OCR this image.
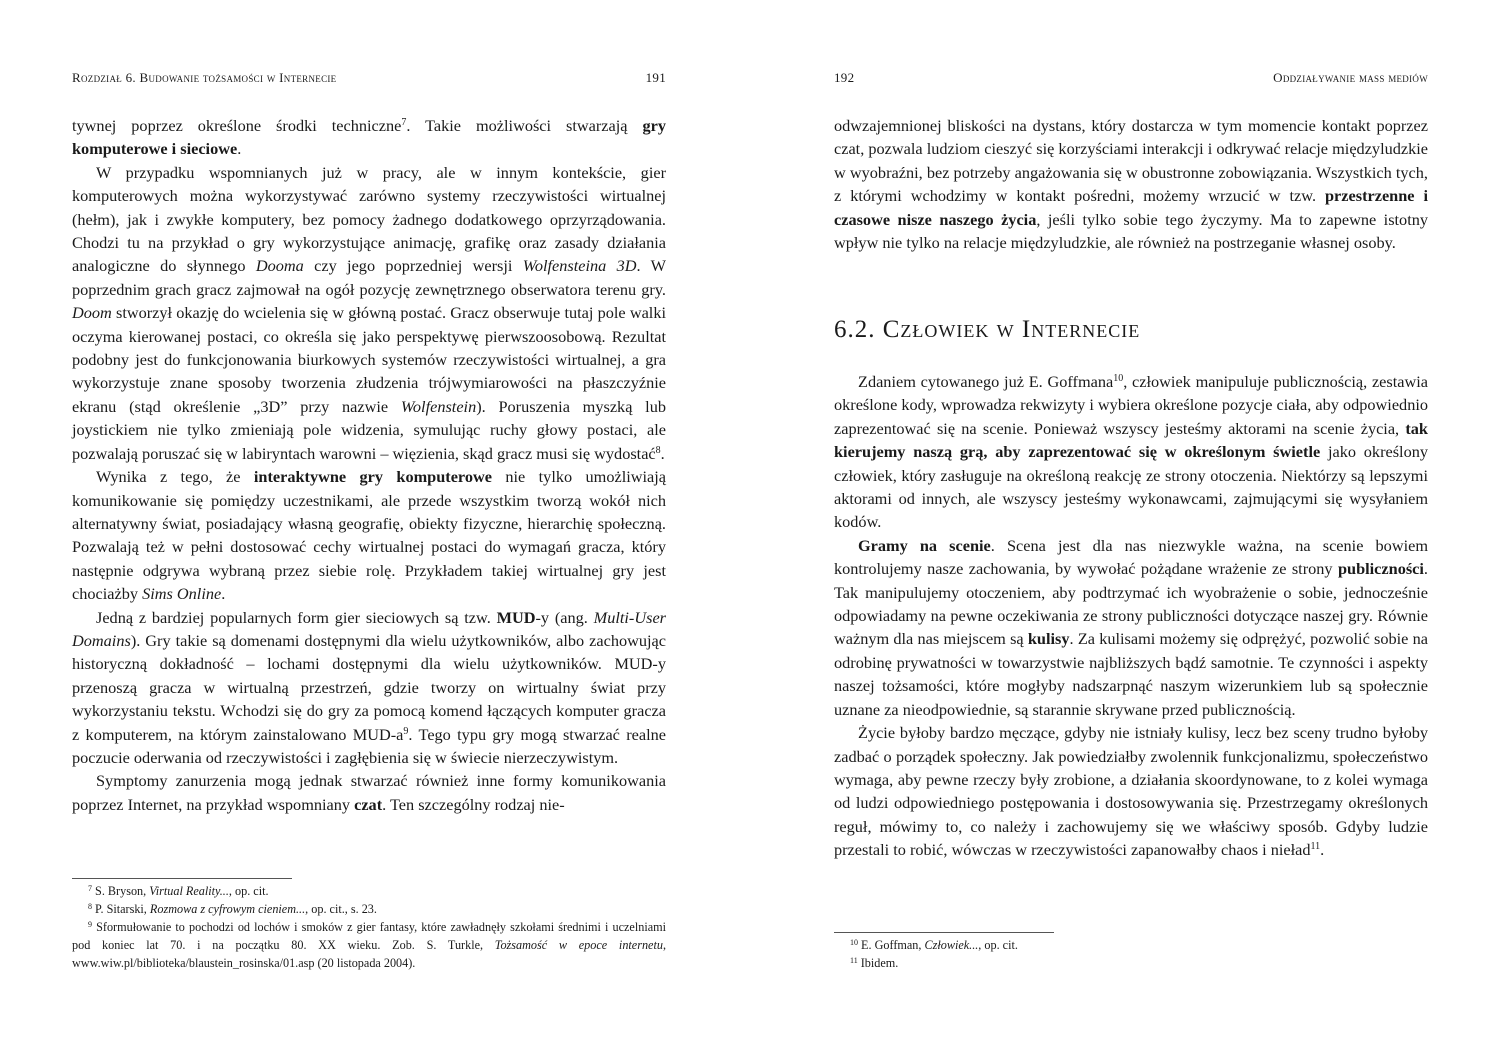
Rozdział 6. Budowanie tożsamości w Internecie	191

tywnej poprzez określone środki techniczne$^7$. Takie możliwości stwarzają gry komputerowe i sieciowe.

W przypadku wspomnianych już w pracy, ale w innym kontekście, gier komputerowych można wykorzystywać zarówno systemy rzeczywistości wirtualnej (hełm), jak i zwykłe komputery, bez pomocy żadnego dodatkowego oprzyrządowania. Chodzi tu na przykład o gry wykorzystujące animację, grafikę oraz zasady działania analogiczne do słynnego Dooma czy jego poprzedniej wersji Wolfensteina 3D. W poprzednim grach gracz zajmował na ogół pozycję zewnętrznego obserwatora terenu gry. Doom stworzył okazję do wcielenia się w główną postać. Gracz obserwuje tutaj pole walki oczyma kierowanej postaci, co określa się jako perspektywę pierwszoosobową. Rezultat podobny jest do funkcjonowania biurkowych systemów rzeczywistości wirtualnej, a gra wykorzystuje znane sposoby tworzenia złudzenia trójwymiarowości na płaszczyźnie ekranu (stąd określenie „3D” przy nazwie Wolfenstein). Poruszenia myszką lub joystickiem nie tylko zmieniają pole widzenia, symulując ruchy głowy postaci, ale pozwalają poruszać się w labiryntach warowni – więzienia, skąd gracz musi się wydostać$^8$.

Wynika z tego, że interaktywne gry komputerowe nie tylko umożliwiają komunikowanie się pomiędzy uczestnikami, ale przede wszystkim tworzą wokół nich alternatywny świat, posiadający własną geografię, obiekty fizyczne, hierarchię społeczną. Pozwalają też w pełni dostosować cechy wirtualnej postaci do wymagań gracza, który następnie odgrywa wybraną przez siebie rolę. Przykładem takiej wirtualnej gry jest chociażby Sims Online.

Jedną z bardziej popularnych form gier sieciowych są tzw. MUD-y (ang. Multi-User Domains). Gry takie są domenami dostępnymi dla wielu użytkowników, albo zachowując historyczną dokładność – lochami dostępnymi dla wielu użytkowników. MUD-y przenoszą gracza w wirtualną przestrzeń, gdzie tworzy on wirtualny świat przy wykorzystaniu tekstu. Wchodzi się do gry za pomocą komend łączących komputer gracza z komputerem, na którym zainstalowano MUD-$a^9$. Tego typu gry mogą stwarzać realne poczucie oderwania od rzeczywistości i zagłębienia się w świecie nierzeczywistym.

Symptomy zanurzenia mogą jednak stwarzać również inne formy komunikowania poprzez Internet, na przykład wspomniany czat. Ten szczególny rodzaj nie-

$^7$ S. Bryson, Virtual Reality..., op. cit.

$^8$ P. Sitarski, Rozmowa z cyfrowym cieniem..., op. cit., s. 23.

$^9$ Sformułowanie to pochodzi od lochów i smoków z gier fantasy, które zawładnęły szkołami średnimi i uczelniami pod koniec lat 70. i na początku 80. XX wieku. Zob. S. Turkle, Tożsamość w epoce internetu, www.wiw.pl/biblioteka/blaustein_rosinska/01.asp (20 listopada 2004).

192	Oddziaływanie mass mediów

odwzajemnionej bliskości na dystans, który dostarcza w tym momencie kontakt poprzez czat, pozwala ludziom cieszyć się korzyściami interakcji i odkrywać relacje międzyludzkie w wyobraźni, bez potrzeby angażowania się w obustronne zobowiązania. Wszystkich tych, z którymi wchodzimy w kontakt pośredni, możemy wrzucić w tzw. przestrzenne i czasowe nisze naszego życia, jeśli tylko sobie tego życzymy. Ma to zapewne istotny wpływ nie tylko na relacje międzyludzkie, ale również na postrzeganie własnej osoby.

6.2. Człowiek w Internecie

Zdaniem cytowanego już E. Goffmana$^{10}$, człowiek manipuluje publicznością, zestawia określone kody, wprowadza rekwizyty i wybiera określone pozycje ciała, aby odpowiednio zaprezentować się na scenie. Ponieważ wszyscy jesteśmy aktorami na scenie życia, tak kierujemy naszą grą, aby zaprezentować się w określonym świetle jako określony człowiek, który zasługuje na określoną reakcję ze strony otoczenia. Niektórzy są lepszymi aktorami od innych, ale wszyscy jesteśmy wykonawcami, zajmującymi się wysyłaniem kodów.

Gramy na scenie. Scena jest dla nas niezwykle ważna, na scenie bowiem kontrolujemy nasze zachowania, by wywołać pożądane wrażenie ze strony publiczności. Tak manipulujemy otoczeniem, aby podtrzymać ich wyobrażenie o sobie, jednocześnie odpowiadamy na pewne oczekiwania ze strony publiczności dotyczące naszej gry. Równie ważnym dla nas miejscem są kulisy. Za kulisami możemy się odprężyć, pozwolić sobie na odrobinę prywatności w towarzystwie najbliższych bądź samotnie. Te czynności i aspekty naszej tożsamości, które mogłyby nadszarpnąć naszym wizerunkiem lub są społecznie uznane za nieodpowiednie, są starannie skrywane przed publicznością.

Życie byłoby bardzo męczące, gdyby nie istniały kulisy, lecz bez sceny trudno byłoby zadbać o porządek społeczny. Jak powiedziałby zwolennik funkcjonalizmu, społeczeństwo wymaga, aby pewne rzeczy były zrobione, a działania skoordynowane, to z kolei wymaga od ludzi odpowiedniego postępowania i dostosowywania się. Przestrzegamy określonych reguł, mówimy to, co należy i zachowujemy się we właściwy sposób. Gdyby ludzie przestali to robić, wówczas w rzeczywistości zapanowałby chaos i nieład$^{11}$.

$^{10}$ E. Goffman, Człowiek..., op. cit.

$^{11}$ Ibidem.
